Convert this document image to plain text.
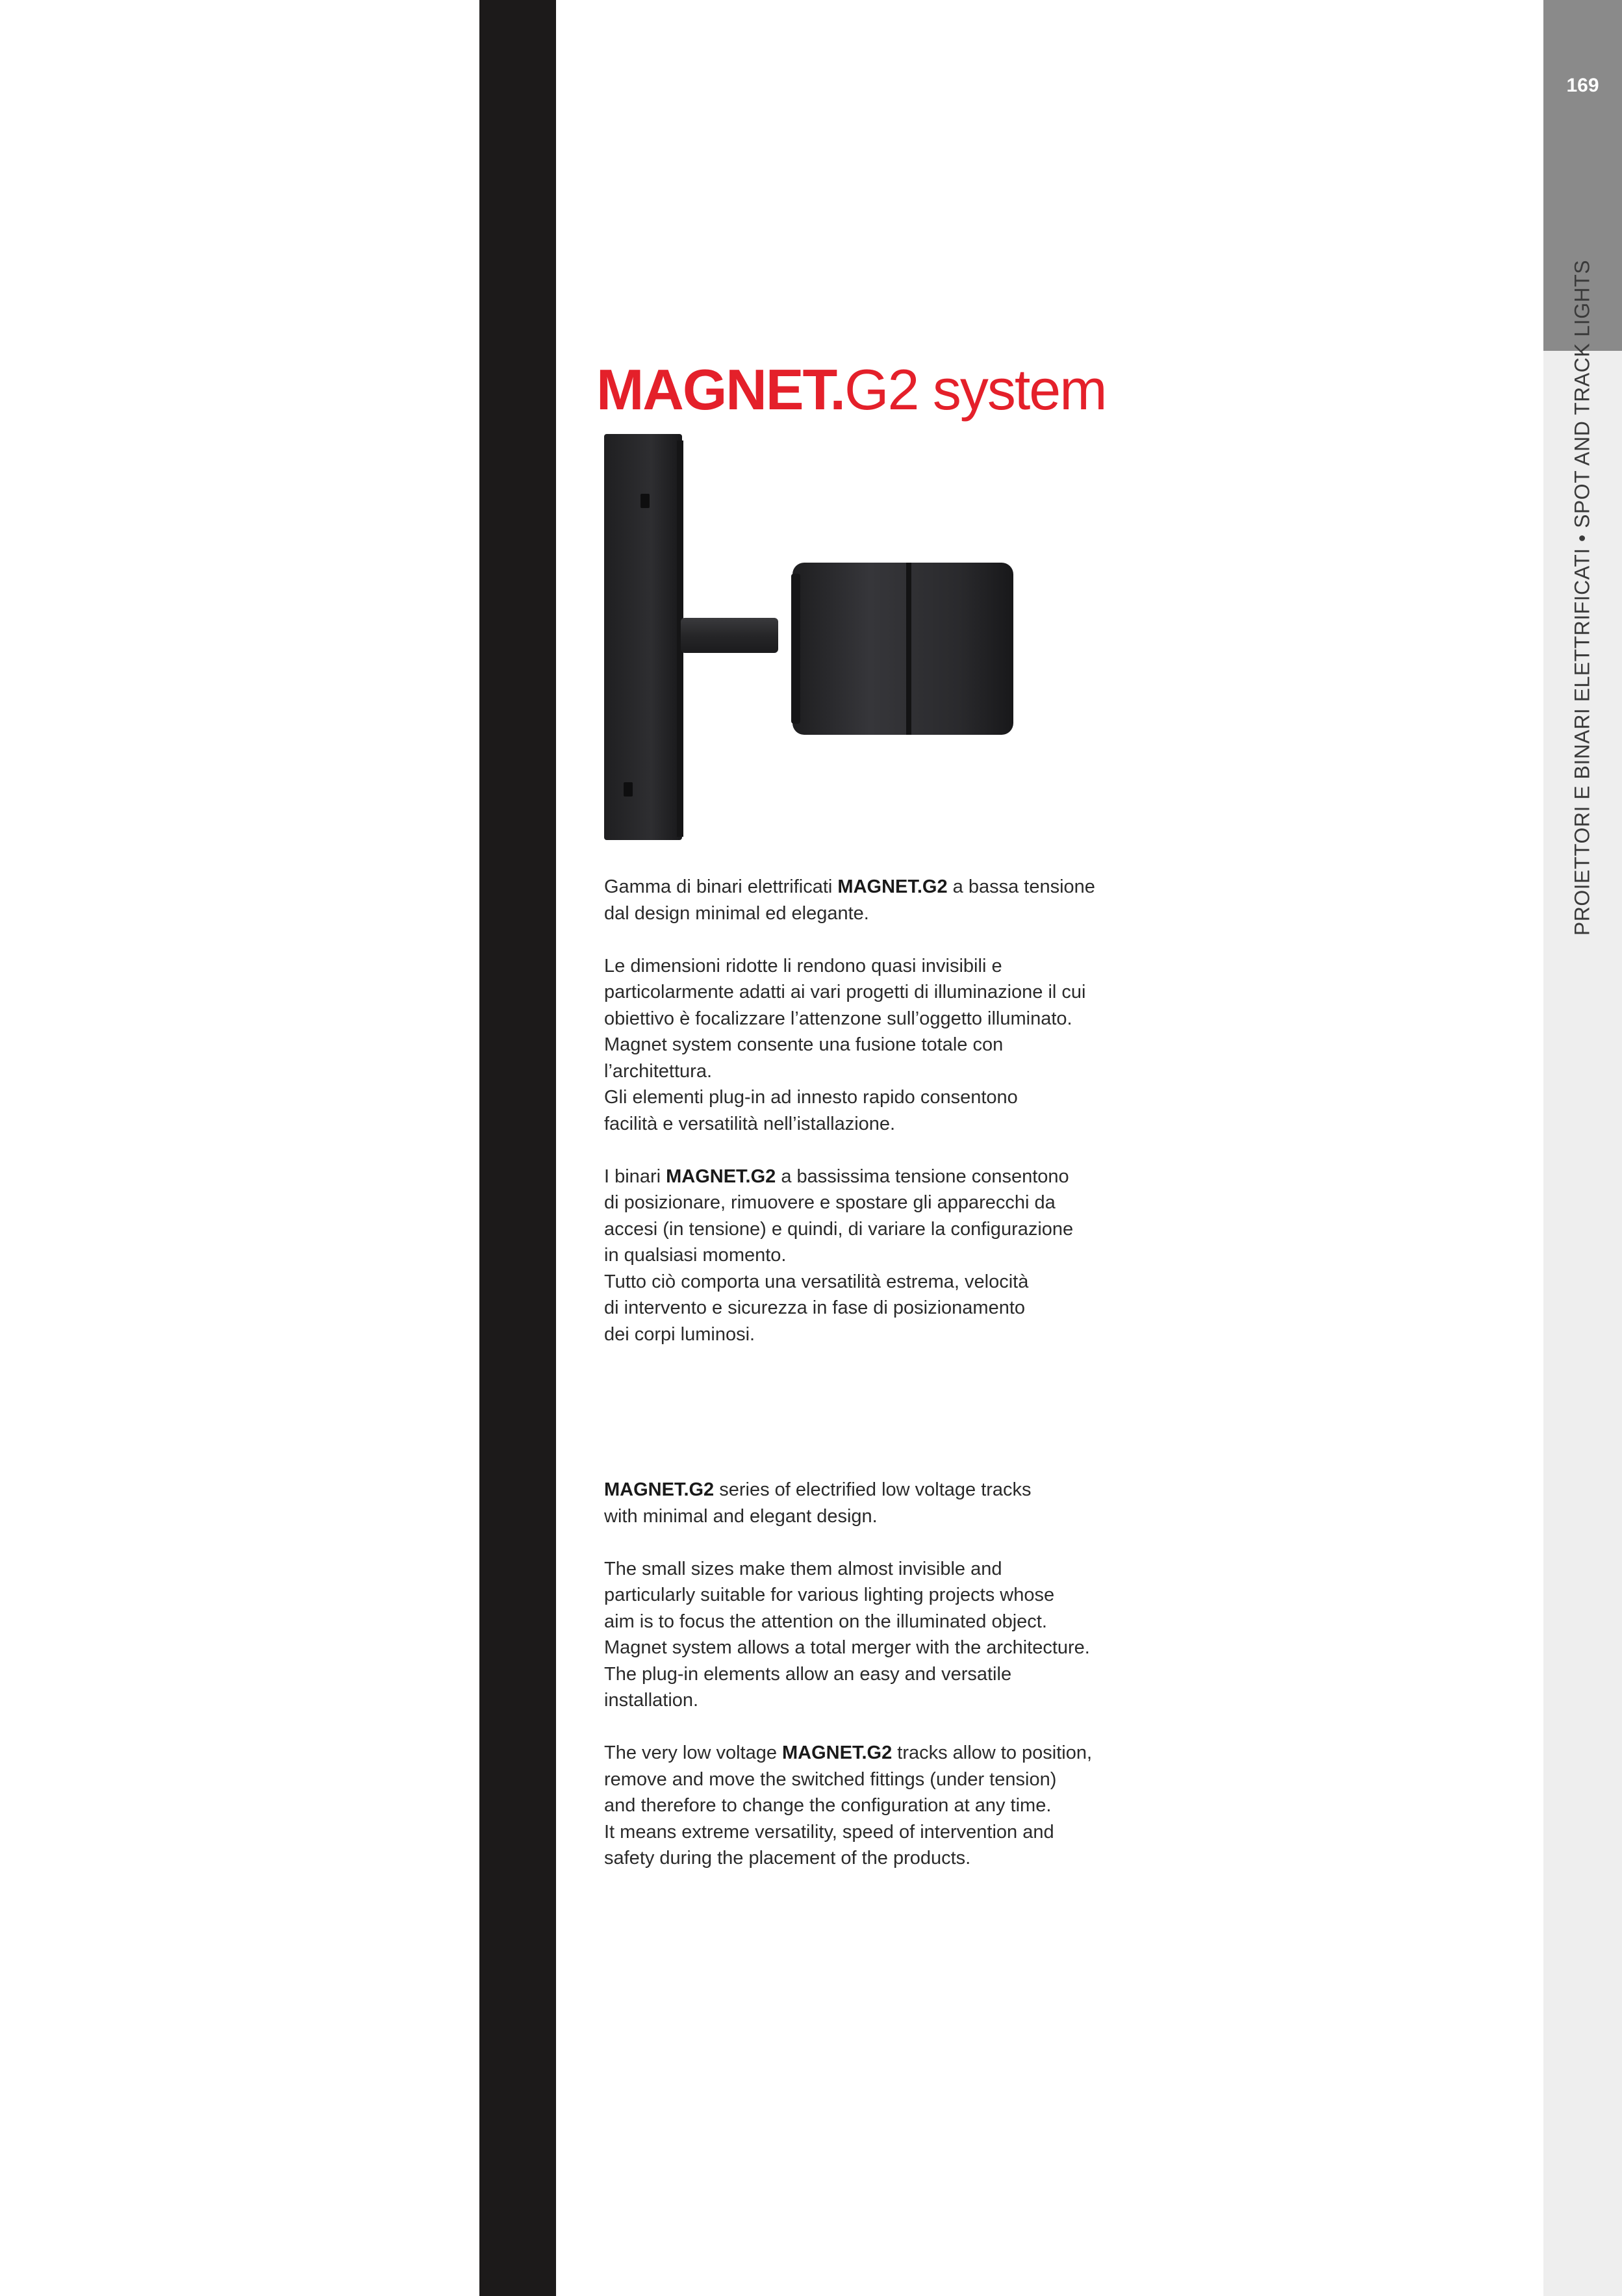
169
PROIETTORI E BINARI ELETTRIFICATI • SPOT AND TRACK LIGHTS
MAGNET.G2 system

Gamma di binari elettrificati MAGNET.G2 a bassa tensione
dal design minimal ed elegante.

Le dimensioni ridotte li rendono quasi invisibili e
particolarmente adatti ai vari progetti di illuminazione il cui
obiettivo è focalizzare l’attenzone sull’oggetto illuminato.
Magnet system consente una fusione totale con
l’architettura.
Gli elementi plug-in ad innesto rapido consentono
facilità e versatilità nell’istallazione.

I binari MAGNET.G2 a bassissima tensione consentono
di posizionare, rimuovere e spostare gli apparecchi da
accesi (in tensione) e quindi, di variare la configurazione
in qualsiasi momento.
Tutto ciò comporta una versatilità estrema, velocità
di intervento e sicurezza in fase di posizionamento
dei corpi luminosi.

MAGNET.G2 series of electrified low voltage tracks
with minimal and elegant design.

The small sizes make them almost invisible and
particularly suitable for various lighting projects whose
aim is to focus the attention on the illuminated object.
Magnet system allows a total merger with the architecture.
The plug-in elements allow an easy and versatile
installation.

The very low voltage MAGNET.G2 tracks allow to position,
remove and move the switched fittings (under tension)
and therefore to change the configuration at any time.
It means extreme versatility, speed of intervention and
safety during the placement of the products.
